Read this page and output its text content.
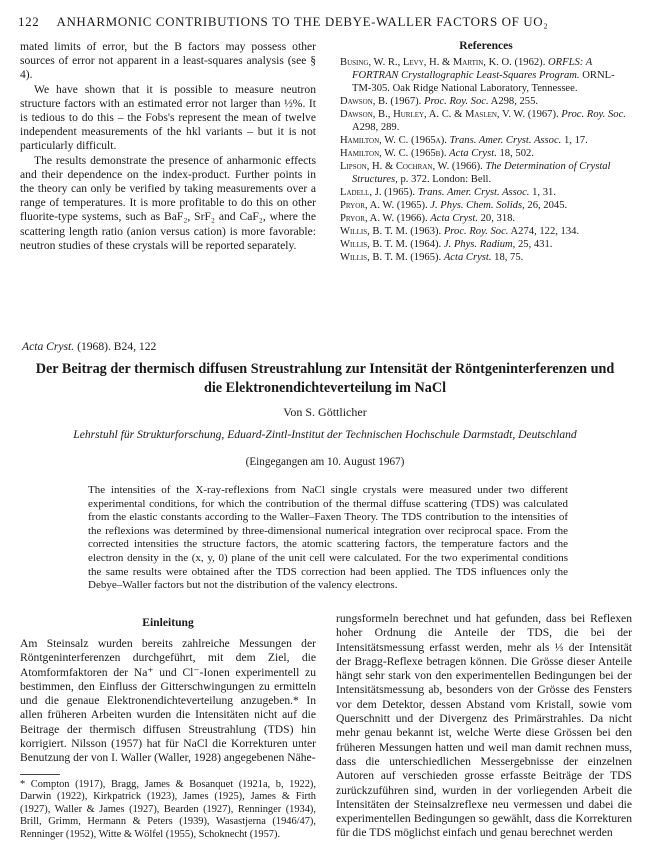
122 ANHARMONIC CONTRIBUTIONS TO THE DEBYE-WALLER FACTORS OF UO₂

mated limits of error, but the B factors may possess other sources of error not apparent in a least-squares analysis (see § 4).

We have shown that it is possible to measure neutron structure factors with an estimated error not larger than ½%. It is tedious to do this – the Fobs's represent the mean of twelve independent measurements of the hkl variants – but it is not particularly difficult.

The results demonstrate the presence of anharmonic effects and their dependence on the index-product. Further points in the theory can only be verified by taking measurements over a range of temperatures. It is more profitable to do this on other fluorite-type systems, such as BaF₂, SrF₂ and CaF₂, where the scattering length ratio (anion versus cation) is more favorable: neutron studies of these crystals will be reported separately.

References
Busing, W. R., Levy, H. & Martin, K. O. (1962). ORFLS: A FORTRAN Crystallographic Least-Squares Program. ORNL-TM-305. Oak Ridge National Laboratory, Tennessee.
Dawson, B. (1967). Proc. Roy. Soc. A298, 255.
Dawson, B., Hurley, A. C. & Maslen, V. W. (1967). Proc. Roy. Soc. A298, 289.
Hamilton, W. C. (1965a). Trans. Amer. Cryst. Assoc. 1, 17.
Hamilton, W. C. (1965b). Acta Cryst. 18, 502.
Lipson, H. & Cochran, W. (1966). The Determination of Crystal Structures, p. 372. London: Bell.
Ladell, J. (1965). Trans. Amer. Cryst. Assoc. 1, 31.
Pryor, A. W. (1965). J. Phys. Chem. Solids, 26, 2045.
Pryor, A. W. (1966). Acta Cryst. 20, 318.
Willis, B. T. M. (1963). Proc. Roy. Soc. A274, 122, 134.
Willis, B. T. M. (1964). J. Phys. Radium, 25, 431.
Willis, B. T. M. (1965). Acta Cryst. 18, 75.
Acta Cryst. (1968). B24, 122
Der Beitrag der thermisch diffusen Streustrahlung zur Intensität der Röntgeninterferenzen und die Elektronendichteverteilung im NaCl
Von S. Göttlicher
Lehrstuhl für Strukturforschung, Eduard-Zintl-Institut der Technischen Hochschule Darmstadt, Deutschland
(Eingegangen am 10. August 1967)
The intensities of the X-ray-reflexions from NaCl single crystals were measured under two different experimental conditions, for which the contribution of the thermal diffuse scattering (TDS) was calculated from the elastic constants according to the Waller–Faxen Theory. The TDS contribution to the intensities of the reflexions was determined by three-dimensional numerical integration over reciprocal space. From the corrected intensities the structure factors, the atomic scattering factors, the temperature factors and the electron density in the (x, y, 0) plane of the unit cell were calculated. For the two experimental conditions the same results were obtained after the TDS correction had been applied. The TDS influences only the Debye–Waller factors but not the distribution of the valency electrons.
Einleitung
Am Steinsalz wurden bereits zahlreiche Messungen der Röntgeninterferenzen durchgeführt, mit dem Ziel, die Atomformfaktoren der Na⁺ und Cl⁻-Ionen experimentell zu bestimmen, den Einfluss der Gitterschwingungen zu ermitteln und die genaue Elektronendichteverteilung anzugeben.* In allen früheren Arbeiten wurden die Intensitäten nicht auf die Beitrage der thermisch diffusen Streustrahlung (TDS) hin korrigiert. Nilsson (1957) hat für NaCl die Korrekturen unter Benutzung der von I. Waller (Waller, 1928) angegebenen Nähe-
* Compton (1917), Bragg, James & Bosanquet (1921a, b, 1922), Darwin (1922), Kirkpatrick (1923), James (1925), James & Firth (1927), Waller & James (1927), Bearden (1927), Renninger (1934), Brill, Grimm, Hermann & Peters (1939), Wasastjerna (1946/47), Renninger (1952), Witte & Wölfel (1955), Schoknecht (1957).
rungsformeln berechnet und hat gefunden, dass bei Reflexen hoher Ordnung die Anteile der TDS, die bei der Intensitätsmessung erfasst werden, mehr als ⅓ der Intensität der Bragg-Reflexe betragen können. Die Grösse dieser Anteile hängt sehr stark von den experimentellen Bedingungen bei der Intensitätsmessung ab, besonders von der Grösse des Fensters vor dem Detektor, dessen Abstand vom Kristall, sowie vom Querschnitt und der Divergenz des Primärstrahles. Da nicht mehr genau bekannt ist, welche Werte diese Grössen bei den früheren Messungen hatten und weil man damit rechnen muss, dass die unterschiedlichen Messergebnisse der einzelnen Autoren auf verschieden grosse erfasste Beiträge der TDS zurückzuführen sind, wurden in der vorliegenden Arbeit die Intensitäten der Steinsalzreflexe neu vermessen und dabei die experimentellen Bedingungen so gewählt, dass die Korrekturen für die TDS möglichst einfach und genau berechnet werden
